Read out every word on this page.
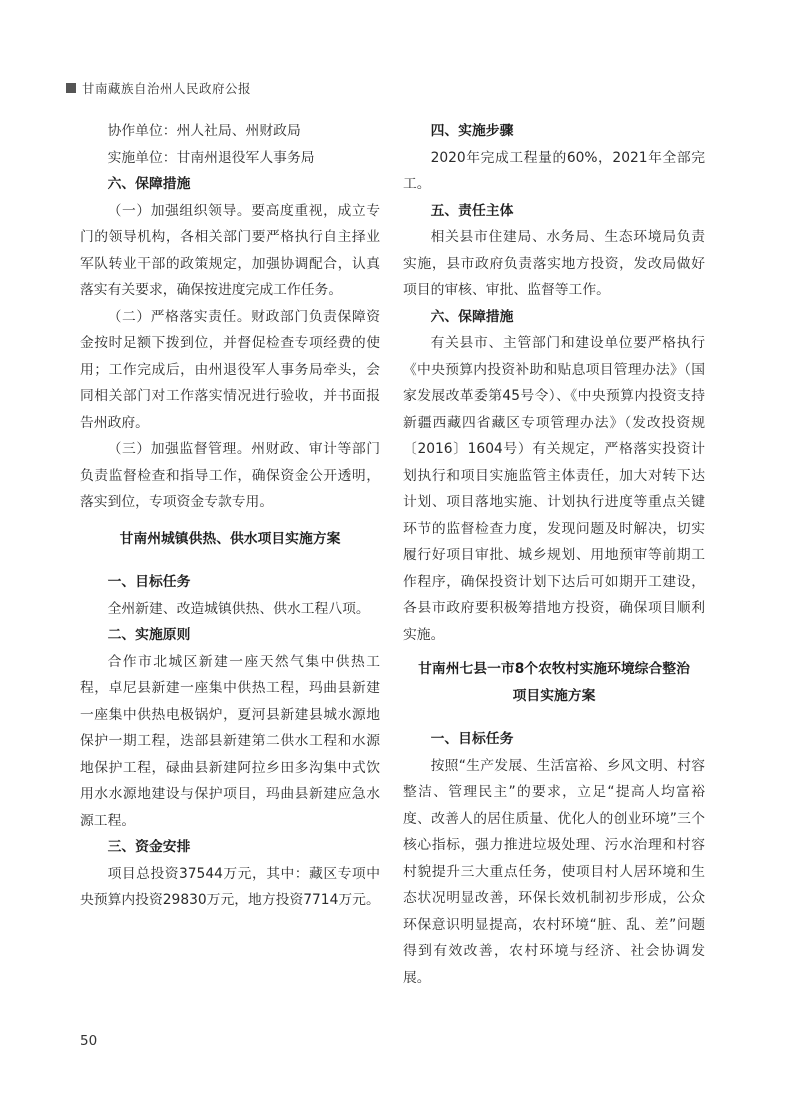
甘南藏族自治州人民政府公报

协作单位：州人社局、州财政局

实施单位：甘南州退役军人事务局

六、保障措施

（一）加强组织领导。要高度重视，成立专门的领导机构，各相关部门要严格执行自主择业军队转业干部的政策规定，加强协调配合，认真落实有关要求，确保按进度完成工作任务。

（二）严格落实责任。财政部门负责保障资金按时足额下拨到位，并督促检查专项经费的使用；工作完成后，由州退役军人事务局牵头，会同相关部门对工作落实情况进行验收，并书面报告州政府。

（三）加强监督管理。州财政、审计等部门负责监督检查和指导工作，确保资金公开透明，落实到位，专项资金专款专用。

甘南州城镇供热、供水项目实施方案

一、目标任务

全州新建、改造城镇供热、供水工程八项。

二、实施原则

合作市北城区新建一座天然气集中供热工程，卓尼县新建一座集中供热工程，玛曲县新建一座集中供热电极锅炉，夏河县新建县城水源地保护一期工程，迭部县新建第二供水工程和水源地保护工程，碌曲县新建阿拉乡田多沟集中式饮用水水源地建设与保护项目，玛曲县新建应急水源工程。

三、资金安排

项目总投资37544万元，其中：藏区专项中央预算内投资29830万元，地方投资7714万元。

四、实施步骤

2020年完成工程量的60%，2021年全部完工。

五、责任主体

相关县市住建局、水务局、生态环境局负责实施，县市政府负责落实地方投资，发改局做好项目的审核、审批、监督等工作。

六、保障措施

有关县市、主管部门和建设单位要严格执行《中央预算内投资补助和贴息项目管理办法》（国家发展改革委第45号令）、《中央预算内投资支持新疆西藏四省藏区专项管理办法》（发改投资规〔2016〕1604号）有关规定，严格落实投资计划执行和项目实施监管主体责任，加大对转下达计划、项目落地实施、计划执行进度等重点关键环节的监督检查力度，发现问题及时解决，切实履行好项目审批、城乡规划、用地预审等前期工作程序，确保投资计划下达后可如期开工建设，各县市政府要积极筹措地方投资，确保项目顺利实施。

甘南州七县一市8个农牧村实施环境综合整治

项目实施方案

一、目标任务

按照“生产发展、生活富裕、乡风文明、村容整洁、管理民主”的要求，立足“提高人均富裕度、改善人的居住质量、优化人的创业环境”三个核心指标，强力推进垃圾处理、污水治理和村容村貌提升三大重点任务，使项目村人居环境和生态状况明显改善，环保长效机制初步形成，公众环保意识明显提高，农村环境“脏、乱、差”问题得到有效改善，农村环境与经济、社会协调发展。

50
